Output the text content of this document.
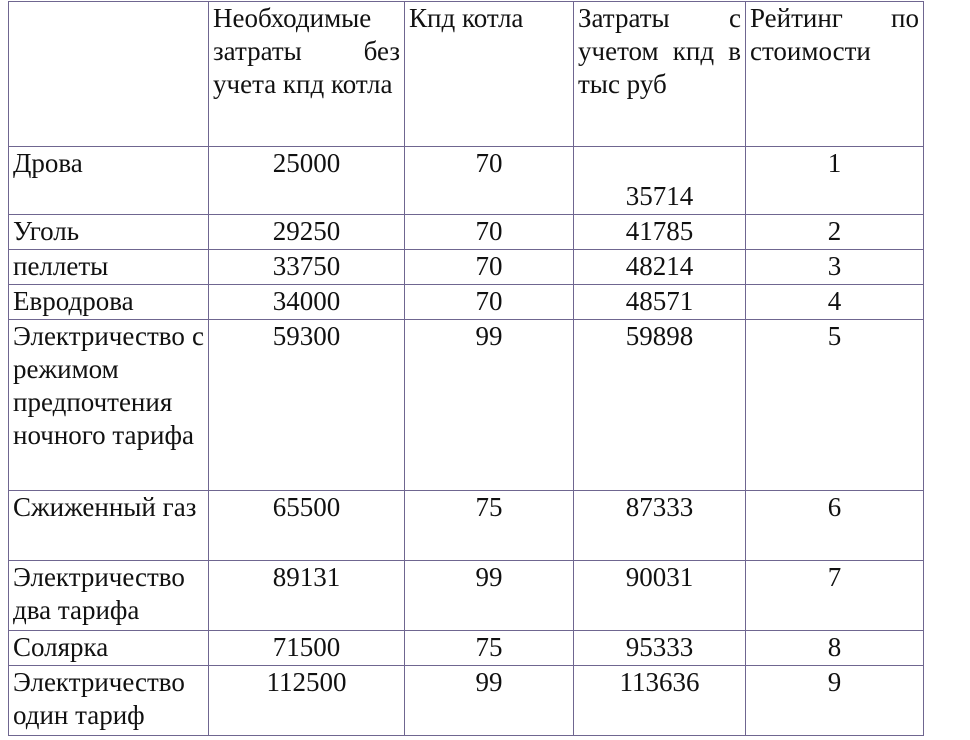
	Необходимые затраты без учета кпд котла	Кпд котла	Затраты с учетом кпд в тыс руб	Рейтинг по стоимости

Дрова	25000	70	35714	1
Уголь	29250	70	41785	2
пеллеты	33750	70	48214	3
Евродрова	34000	70	48571	4

Электричество с режимом предпочтения ночного тарифа	59300	99	59898	5

Сжиженный газ	65500	75	87333	6

Электричество два тарифа	89131	99	90031	7
Солярка	71500	75	95333	8

Электричество один тариф	112500	99	113636	9
